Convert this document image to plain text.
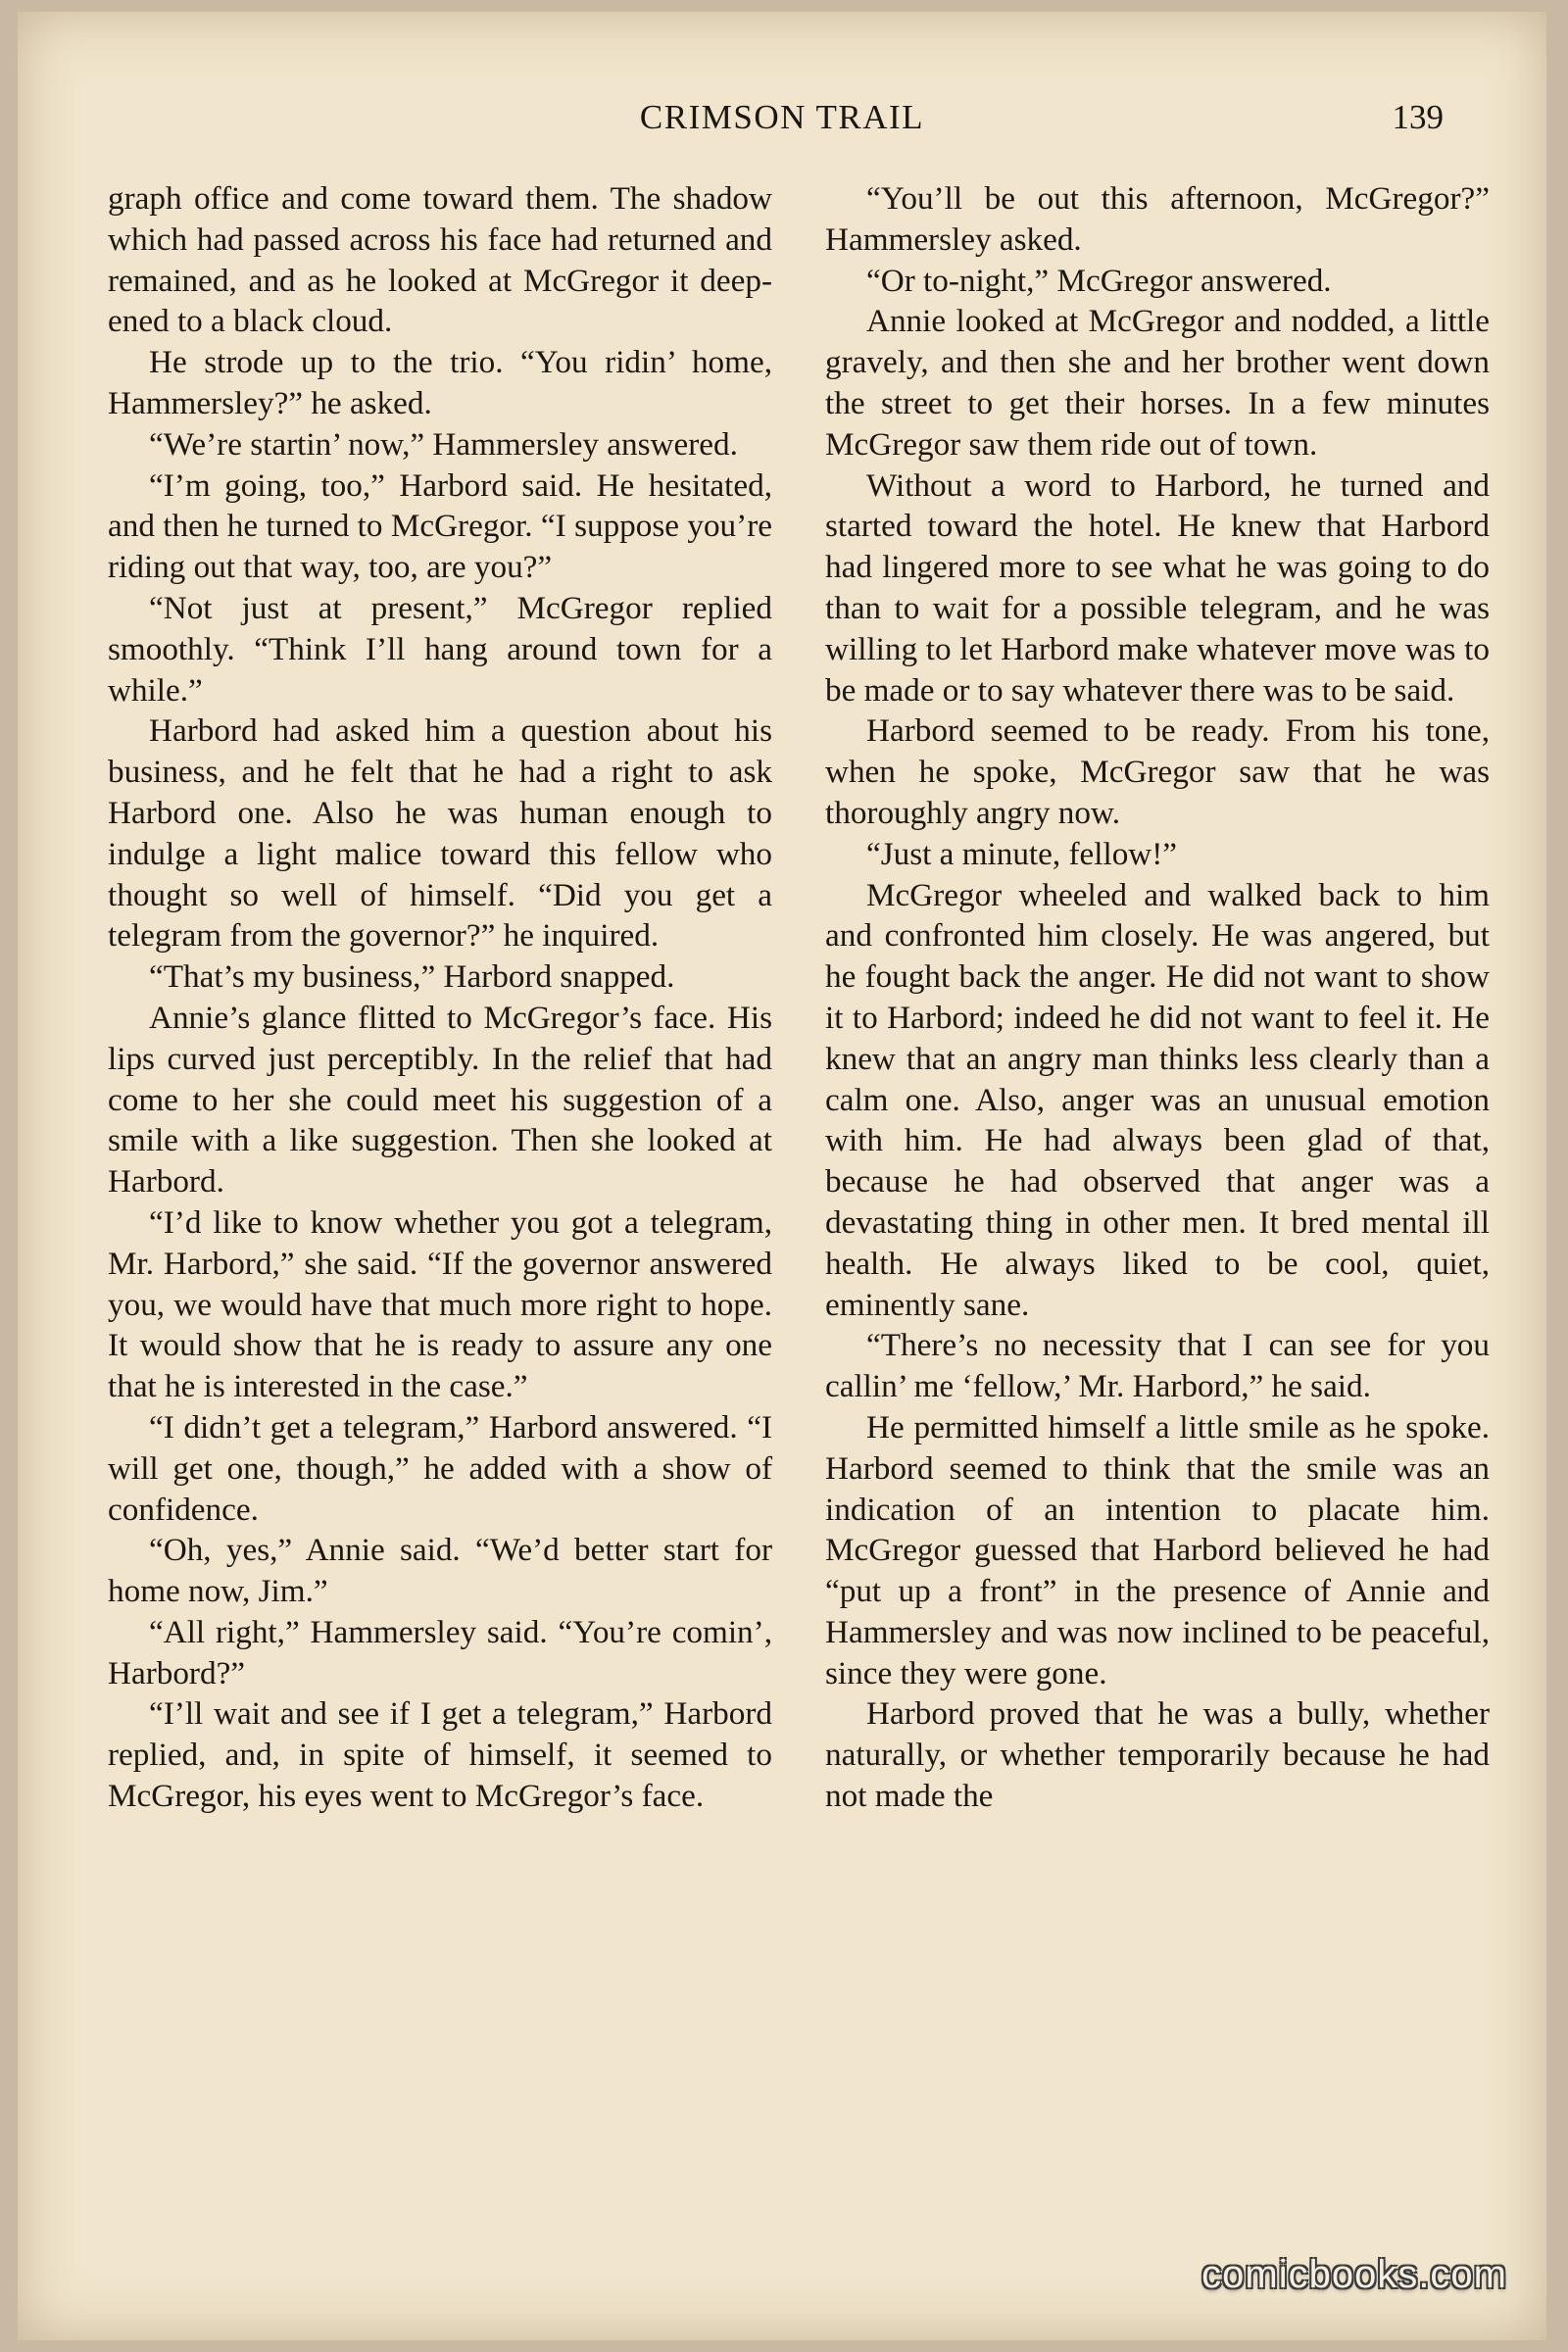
CRIMSON TRAIL	139

graph office and come toward them. The shadow which had passed across his face had returned and remained, and as he looked at McGregor it deepened to a black cloud.

He strode up to the trio. “You ridin’ home, Hammersley?” he asked.

“We’re startin’ now,” Hammersley answered.

“I’m going, too,” Harbord said. He hesitated, and then he turned to McGregor. “I suppose you’re riding out that way, too, are you?”

“Not just at present,” McGregor replied smoothly. “Think I’ll hang around town for a while.”

Harbord had asked him a question about his business, and he felt that he had a right to ask Harbord one. Also he was human enough to indulge a light malice toward this fellow who thought so well of himself. “Did you get a telegram from the governor?” he inquired.

“That’s my business,” Harbord snapped.

Annie’s glance flitted to McGregor’s face. His lips curved just perceptibly. In the relief that had come to her she could meet his suggestion of a smile with a like suggestion. Then she looked at Harbord.

“I’d like to know whether you got a telegram, Mr. Harbord,” she said. “If the governor answered you, we would have that much more right to hope. It would show that he is ready to assure any one that he is interested in the case.”

“I didn’t get a telegram,” Harbord answered. “I will get one, though,” he added with a show of confidence.

“Oh, yes,” Annie said. “We’d better start for home now, Jim.”

“All right,” Hammersley said. “You’re comin’, Harbord?”

“I’ll wait and see if I get a telegram,” Harbord replied, and, in spite of himself, it seemed to McGregor, his eyes went to McGregor’s face.

“You’ll be out this afternoon, McGregor?” Hammersley asked.

“Or to-night,” McGregor answered.

Annie looked at McGregor and nodded, a little gravely, and then she and her brother went down the street to get their horses. In a few minutes McGregor saw them ride out of town.

Without a word to Harbord, he turned and started toward the hotel. He knew that Harbord had lingered more to see what he was going to do than to wait for a possible telegram, and he was willing to let Harbord make whatever move was to be made or to say whatever there was to be said.

Harbord seemed to be ready. From his tone, when he spoke, McGregor saw that he was thoroughly angry now.

“Just a minute, fellow!”

McGregor wheeled and walked back to him and confronted him closely. He was angered, but he fought back the anger. He did not want to show it to Harbord; indeed he did not want to feel it. He knew that an angry man thinks less clearly than a calm one. Also, anger was an unusual emotion with him. He had always been glad of that, because he had observed that anger was a devastating thing in other men. It bred mental ill health. He always liked to be cool, quiet, eminently sane.

“There’s no necessity that I can see for you callin’ me ‘fellow,’ Mr. Harbord,” he said.

He permitted himself a little smile as he spoke. Harbord seemed to think that the smile was an indication of an intention to placate him. McGregor guessed that Harbord believed he had “put up a front” in the presence of Annie and Hammersley and was now inclined to be peaceful, since they were gone.

Harbord proved that he was a bully, whether naturally, or whether temporarily because he had not made the

comicbooks.com
